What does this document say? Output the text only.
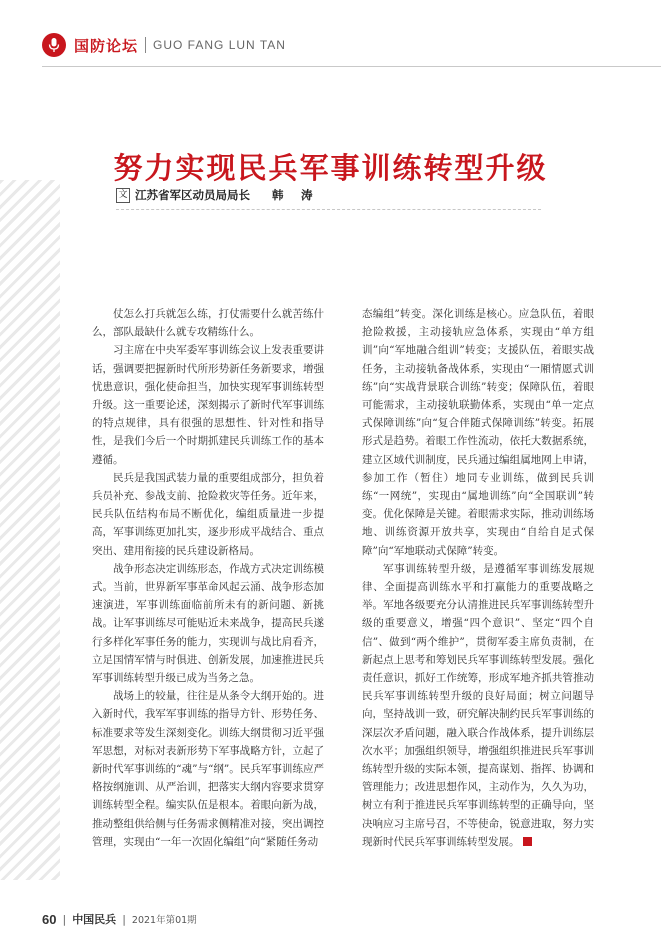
国防论坛 GUO FANG LUN TAN
努力实现民兵军事训练转型升级
文 江苏省军区动员局局长 韩　涛

仗怎么打兵就怎么练，打仗需要什么就苦练什么，部队最缺什么就专攻精练什么。

习主席在中央军委军事训练会议上发表重要讲话，强调要把握新时代所形势新任务新要求，增强忧患意识，强化使命担当，加快实现军事训练转型升级。这一重要论述，深刻揭示了新时代军事训练的特点规律，具有很强的思想性、针对性和指导性，是我们今后一个时期抓建民兵训练工作的基本遵循。

民兵是我国武装力量的重要组成部分，担负着兵员补充、参战支前、抢险救灾等任务。近年来，民兵队伍结构布局不断优化，编组质量进一步提高，军事训练更加扎实，逐步形成平战结合、重点突出、建用衔接的民兵建设新格局。

战争形态决定训练形态，作战方式决定训练模式。当前，世界新军事革命风起云涌、战争形态加速演进，军事训练面临前所未有的新问题、新挑战。让军事训练尽可能贴近未来战争，提高民兵遂行多样化军事任务的能力，实现训与战比肩看齐，立足国情军情与时俱进、创新发展，加速推进民兵军事训练转型升级已成为当务之急。

战场上的较量，往往是从条令大纲开始的。进入新时代，我军军事训练的指导方针、形势任务、标准要求等发生深刻变化。训练大纲贯彻习近平强军思想，对标对表新形势下军事战略方针，立起了新时代军事训练的“魂”与“纲”。民兵军事训练应严格按纲施训、从严治训，把落实大纲内容要求贯穿训练转型全程。编实队伍是根本。着眼向新为战，推动整组供给侧与任务需求侧精准对接，突出调控管理，实现由“一年一次固化编组”向“紧随任务动

态编组”转变。深化训练是核心。应急队伍，着眼抢险救援，主动接轨应急体系，实现由“单方组训”向“军地融合组训”转变；支援队伍，着眼实战任务，主动接轨备战体系，实现由“一厢情愿式训练”向“实战背景联合训练”转变；保障队伍，着眼可能需求，主动接轨联勤体系，实现由“单一定点式保障训练”向“复合伴随式保障训练”转变。拓展形式是趋势。着眼工作性流动，依托大数据系统，建立区域代训制度，民兵通过编组属地网上申请，参加工作（暂住）地同专业训练，做到民兵训练“一网统”，实现由“属地训练”向“全国联训”转变。优化保障是关键。着眼需求实际，推动训练场地、训练资源开放共享，实现由“自给自足式保障”向“军地联动式保障”转变。

军事训练转型升级，是遵循军事训练发展规律、全面提高训练水平和打赢能力的重要战略之举。军地各级要充分认清推进民兵军事训练转型升级的重要意义，增强“四个意识”、坚定“四个自信”、做到“两个维护”，贯彻军委主席负责制，在新起点上思考和筹划民兵军事训练转型发展。强化责任意识，抓好工作统筹，形成军地齐抓共管推动民兵军事训练转型升级的良好局面；树立问题导向，坚持战训一致，研究解决制约民兵军事训练的深层次矛盾问题，融入联合作战体系，提升训练层次水平；加强组织领导，增强组织推进民兵军事训练转型升级的实际本领，提高谋划、指挥、协调和管理能力；改进思想作风，主动作为，久久为功，树立有利于推进民兵军事训练转型的正确导向，坚决响应习主席号召，不等使命，锐意进取，努力实现新时代民兵军事训练转型发展。

60 | 中国民兵 | 2021年第01期
